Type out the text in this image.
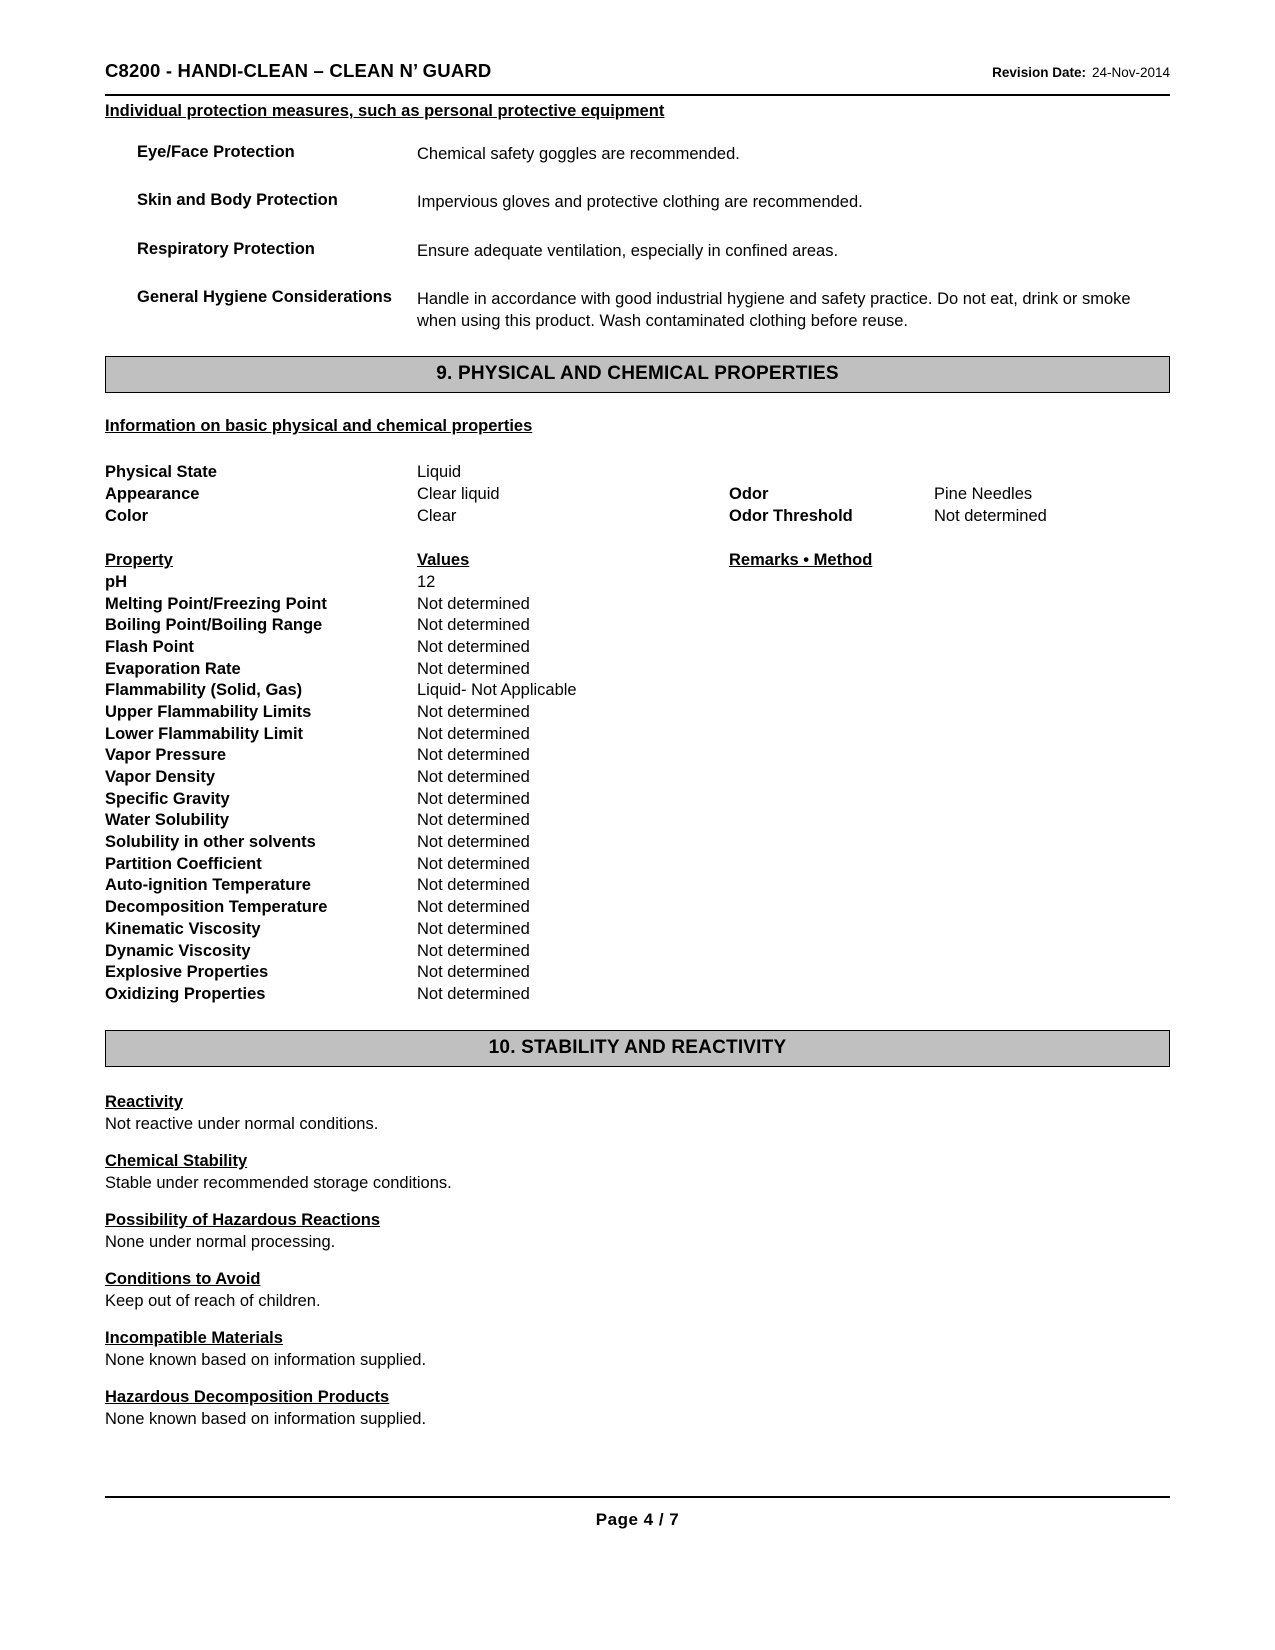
C8200 - HANDI-CLEAN – CLEAN N’ GUARD	Revision Date: 24-Nov-2014
Individual protection measures, such as personal protective equipment
Eye/Face Protection	Chemical safety goggles are recommended.
Skin and Body Protection	Impervious gloves and protective clothing are recommended.
Respiratory Protection	Ensure adequate ventilation, especially in confined areas.
General Hygiene Considerations	Handle in accordance with good industrial hygiene and safety practice. Do not eat, drink or smoke when using this product. Wash contaminated clothing before reuse.
9. PHYSICAL AND CHEMICAL PROPERTIES
Information on basic physical and chemical properties
Physical State	Liquid
Appearance	Clear liquid	Odor	Pine Needles
Color	Clear	Odor Threshold	Not determined
Property	Values	Remarks • Method
pH	12
Melting Point/Freezing Point	Not determined
Boiling Point/Boiling Range	Not determined
Flash Point	Not determined
Evaporation Rate	Not determined
Flammability (Solid, Gas)	Liquid- Not Applicable
Upper Flammability Limits	Not determined
Lower Flammability Limit	Not determined
Vapor Pressure	Not determined
Vapor Density	Not determined
Specific Gravity	Not determined
Water Solubility	Not determined
Solubility in other solvents	Not determined
Partition Coefficient	Not determined
Auto-ignition Temperature	Not determined
Decomposition Temperature	Not determined
Kinematic Viscosity	Not determined
Dynamic Viscosity	Not determined
Explosive Properties	Not determined
Oxidizing Properties	Not determined
10. STABILITY AND REACTIVITY
Reactivity
Not reactive under normal conditions.
Chemical Stability
Stable under recommended storage conditions.
Possibility of Hazardous Reactions
None under normal processing.
Conditions to Avoid
Keep out of reach of children.
Incompatible Materials
None known based on information supplied.
Hazardous Decomposition Products
None known based on information supplied.
Page 4 / 7
